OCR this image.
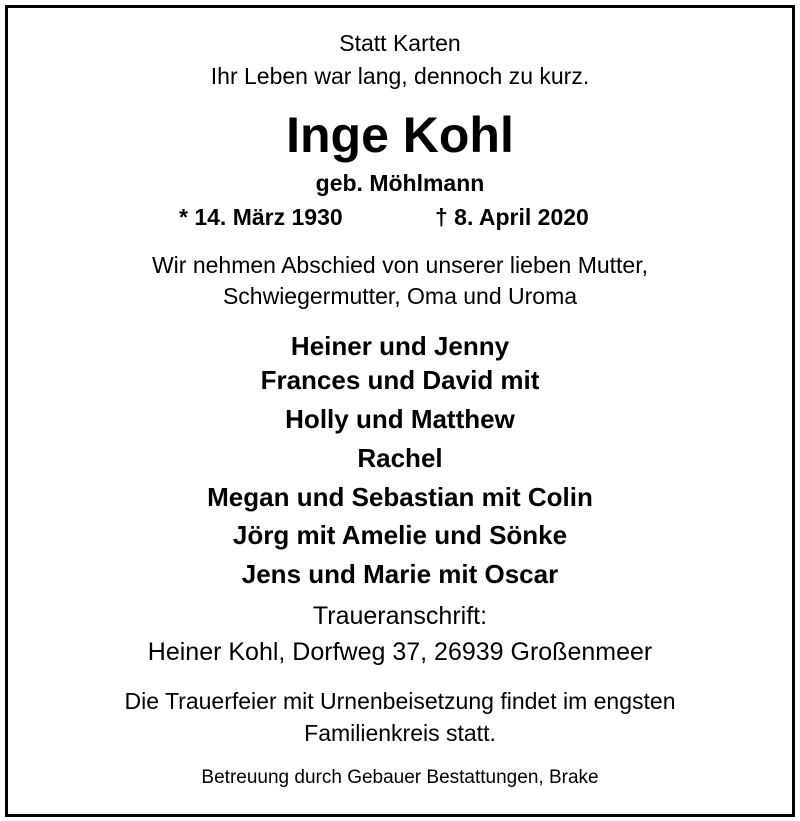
Statt Karten
Ihr Leben war lang, dennoch zu kurz.
Inge Kohl
geb. Möhlmann
* 14. März 1930	† 8. April 2020
Wir nehmen Abschied von unserer lieben Mutter,
Schwiegermutter, Oma und Uroma
Heiner und Jenny
Frances und David mit
Holly und Matthew
Rachel
Megan und Sebastian mit Colin
Jörg mit Amelie und Sönke
Jens und Marie mit Oscar
Traueranschrift:
Heiner Kohl, Dorfweg 37, 26939 Großenmeer
Die Trauerfeier mit Urnenbeisetzung findet im engsten
Familienkreis statt.
Betreuung durch Gebauer Bestattungen, Brake
